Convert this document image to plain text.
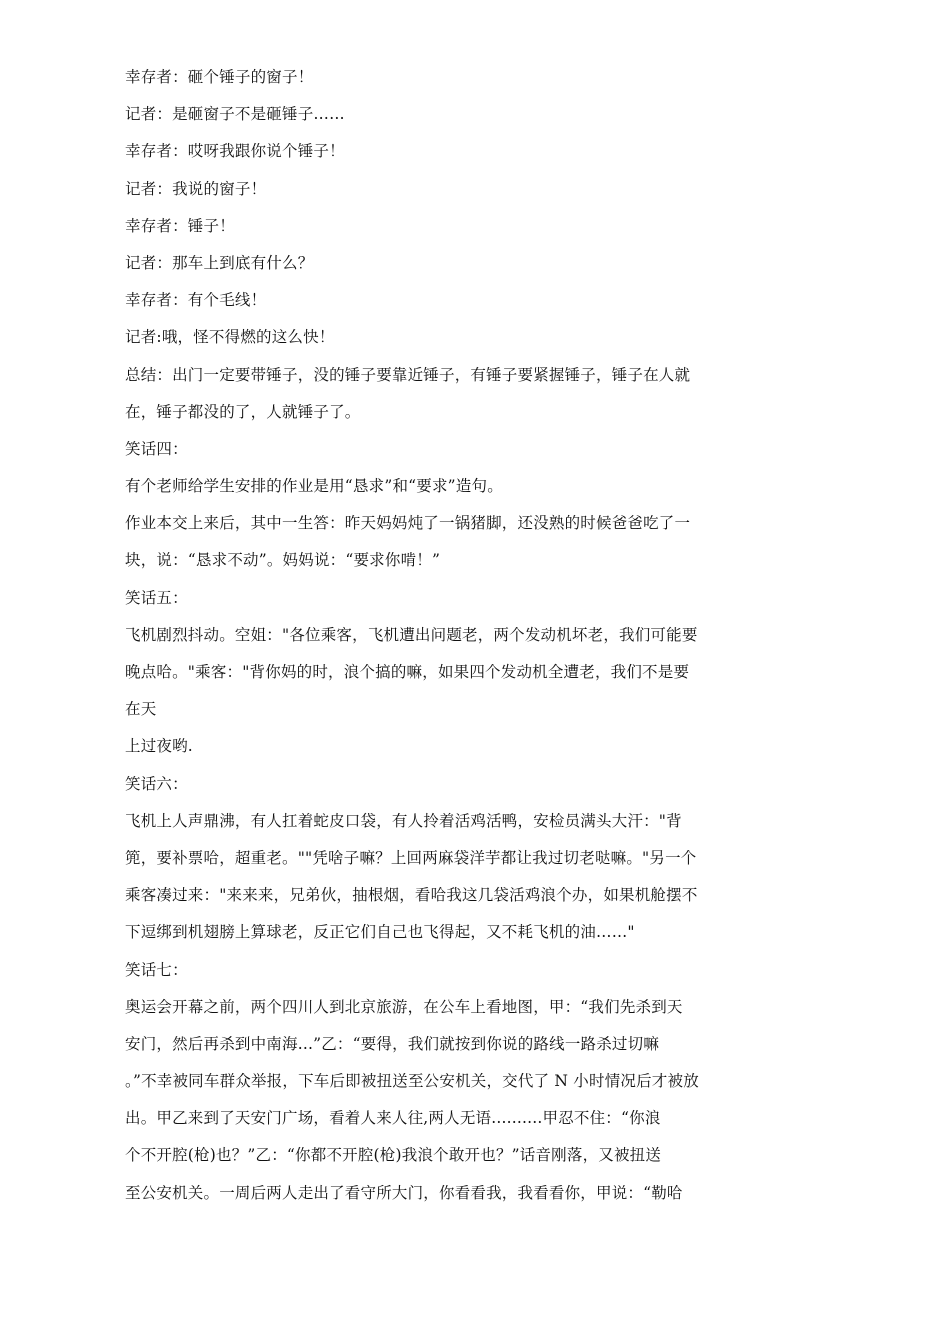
幸存者：砸个锤子的窗子！
记者：是砸窗子不是砸锤子……
幸存者：哎呀我跟你说个锤子！
记者：我说的窗子！
幸存者：锤子！
记者：那车上到底有什么？
幸存者：有个毛线！
记者:哦，怪不得燃的这么快！
总结：出门一定要带锤子，没的锤子要靠近锤子，有锤子要紧握锤子，锤子在人就
在，锤子都没的了，人就锤子了。
笑话四：
有个老师给学生安排的作业是用“恳求”和“要求”造句。
作业本交上来后，其中一生答：昨天妈妈炖了一锅猪脚，还没熟的时候爸爸吃了一
块，说：“恳求不动”。妈妈说：“要求你啃！”
笑话五：
飞机剧烈抖动。空姐："各位乘客，飞机遭出问题老，两个发动机坏老，我们可能要
晚点哈。"乘客："背你妈的时，浪个搞的嘛，如果四个发动机全遭老，我们不是要
在天
上过夜哟.
笑话六：
飞机上人声鼎沸，有人扛着蛇皮口袋，有人拎着活鸡活鸭，安检员满头大汗："背
篼，要补票哈，超重老。""凭啥子嘛？上回两麻袋洋芋都让我过切老哒嘛。"另一个
乘客凑过来："来来来，兄弟伙，抽根烟，看哈我这几袋活鸡浪个办，如果机舱摆不
下逗绑到机翅膀上算球老，反正它们自己也飞得起，又不耗飞机的油……"
笑话七：
奥运会开幕之前，两个四川人到北京旅游，在公车上看地图，甲：“我们先杀到天
安门，然后再杀到中南海...”乙：“要得，我们就按到你说的路线一路杀过切嘛
。”不幸被同车群众举报，下车后即被扭送至公安机关，交代了 N 小时情况后才被放
出。甲乙来到了天安门广场，看着人来人往,两人无语..........甲忍不住：“你浪
个不开腔(枪)也？”乙：“你都不开腔(枪)我浪个敢开也？”话音刚落，又被扭送
至公安机关。一周后两人走出了看守所大门，你看看我，我看看你，甲说：“勒哈
